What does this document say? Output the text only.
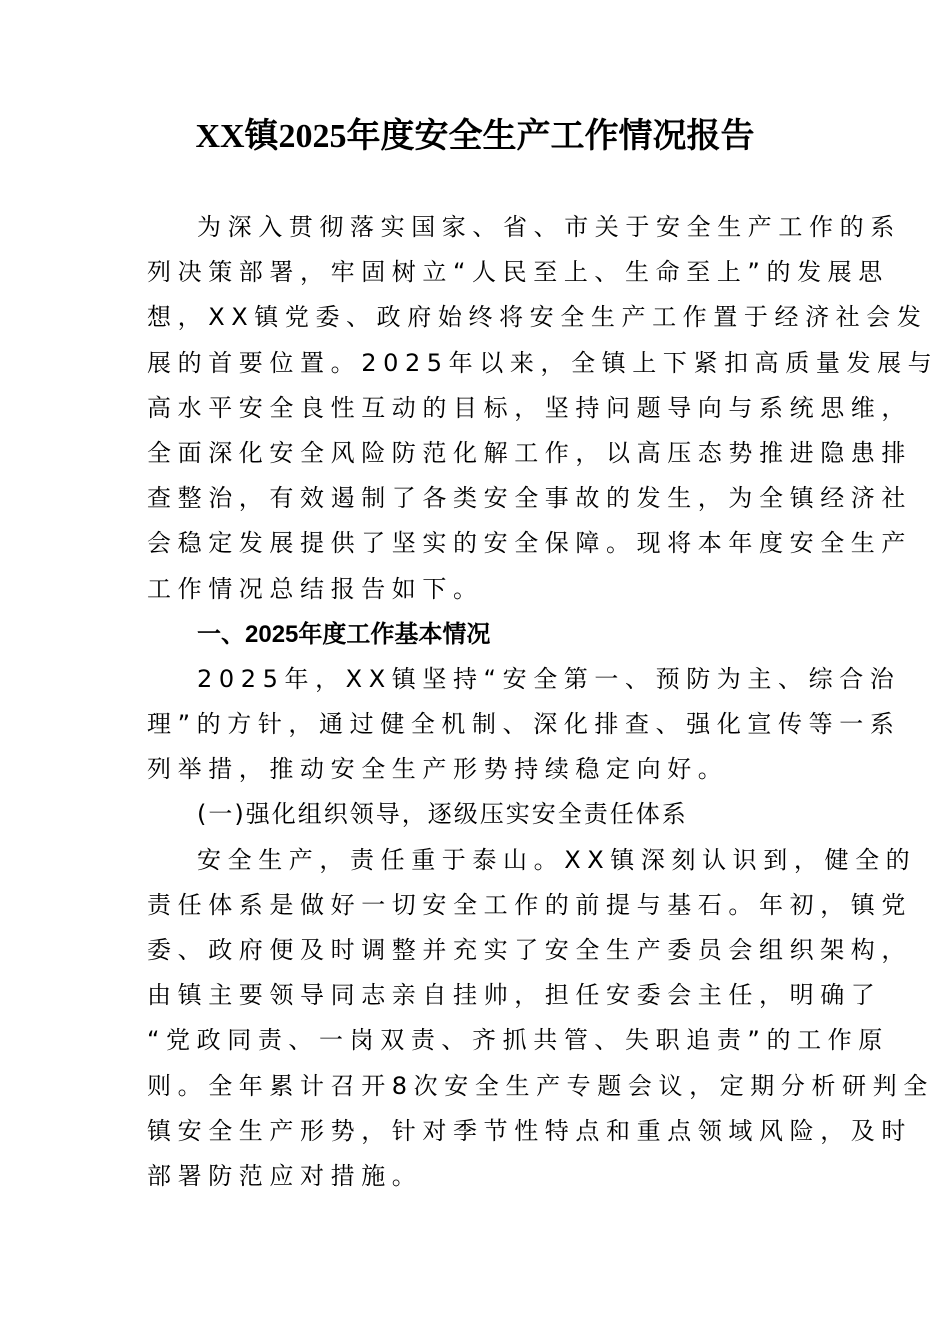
XX镇2025年度安全生产工作情况报告
为深入贯彻落实国家、省、市关于安全生产工作的系
列决策部署，牢固树立“人民至上、生命至上”的发展思
想，XX镇党委、政府始终将安全生产工作置于经济社会发
展的首要位置。2025年以来，全镇上下紧扣高质量发展与
高水平安全良性互动的目标，坚持问题导向与系统思维，
全面深化安全风险防范化解工作，以高压态势推进隐患排
查整治，有效遏制了各类安全事故的发生，为全镇经济社
会稳定发展提供了坚实的安全保障。现将本年度安全生产
工作情况总结报告如下。
一、2025年度工作基本情况
2025年，XX镇坚持“安全第一、预防为主、综合治
理”的方针，通过健全机制、深化排查、强化宣传等一系
列举措，推动安全生产形势持续稳定向好。
(一)强化组织领导，逐级压实安全责任体系
安全生产，责任重于泰山。XX镇深刻认识到，健全的
责任体系是做好一切安全工作的前提与基石。年初，镇党
委、政府便及时调整并充实了安全生产委员会组织架构，
由镇主要领导同志亲自挂帅，担任安委会主任，明确了
“党政同责、一岗双责、齐抓共管、失职追责”的工作原
则。全年累计召开8次安全生产专题会议，定期分析研判全
镇安全生产形势，针对季节性特点和重点领域风险，及时
部署防范应对措施。
